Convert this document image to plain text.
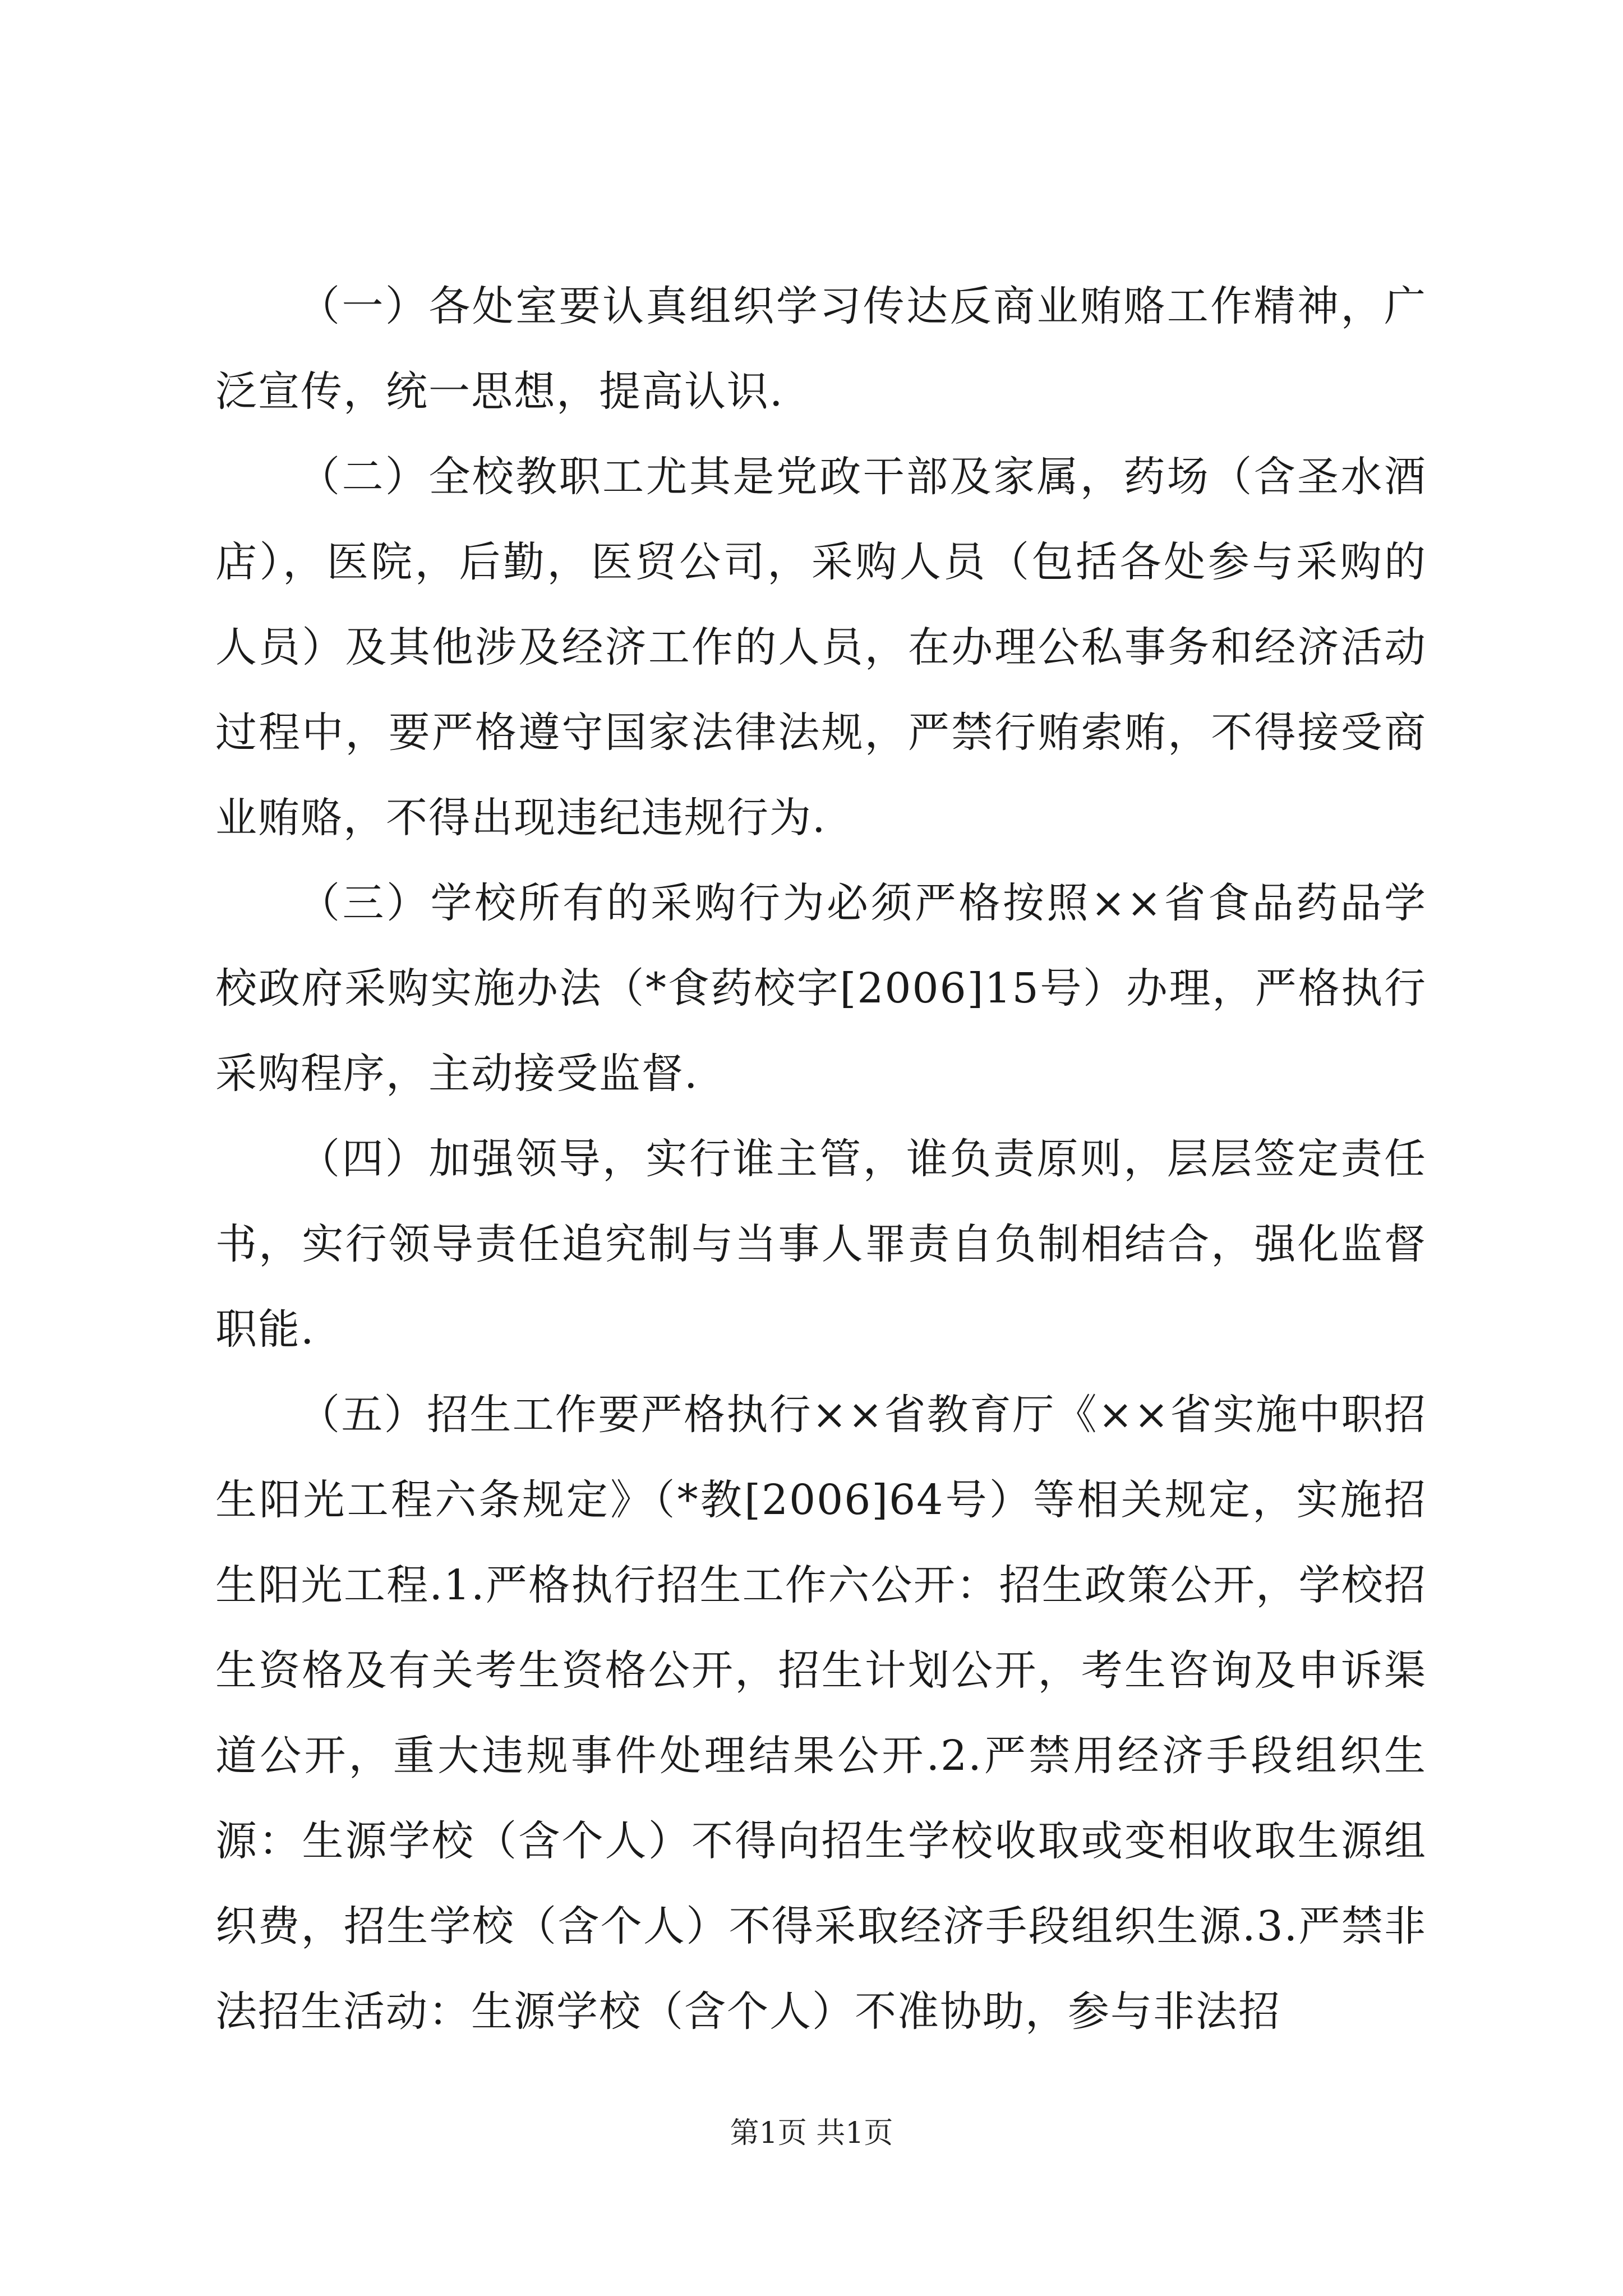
（一）各处室要认真组织学习传达反商业贿赂工作精神，广泛宣传，统一思想，提高认识.

（二）全校教职工尤其是党政干部及家属，药场（含圣水酒店），医院，后勤，医贸公司，采购人员（包括各处参与采购的人员）及其他涉及经济工作的人员，在办理公私事务和经济活动过程中，要严格遵守国家法律法规，严禁行贿索贿，不得接受商业贿赂，不得出现违纪违规行为.

（三）学校所有的采购行为必须严格按照××省食品药品学校政府采购实施办法（*食药校字[2006]15号）办理，严格执行采购程序，主动接受监督.

（四）加强领导，实行谁主管，谁负责原则，层层签定责任书，实行领导责任追究制与当事人罪责自负制相结合，强化监督职能.

（五）招生工作要严格执行××省教育厅《××省实施中职招生阳光工程六条规定》（*教[2006]64号）等相关规定，实施招生阳光工程.1.严格执行招生工作六公开：招生政策公开，学校招生资格及有关考生资格公开，招生计划公开，考生咨询及申诉渠道公开，重大违规事件处理结果公开.2.严禁用经济手段组织生源：生源学校（含个人）不得向招生学校收取或变相收取生源组织费，招生学校（含个人）不得采取经济手段组织生源.3.严禁非法招生活动：生源学校（含个人）不准协助，参与非法招

第1页 共1页
